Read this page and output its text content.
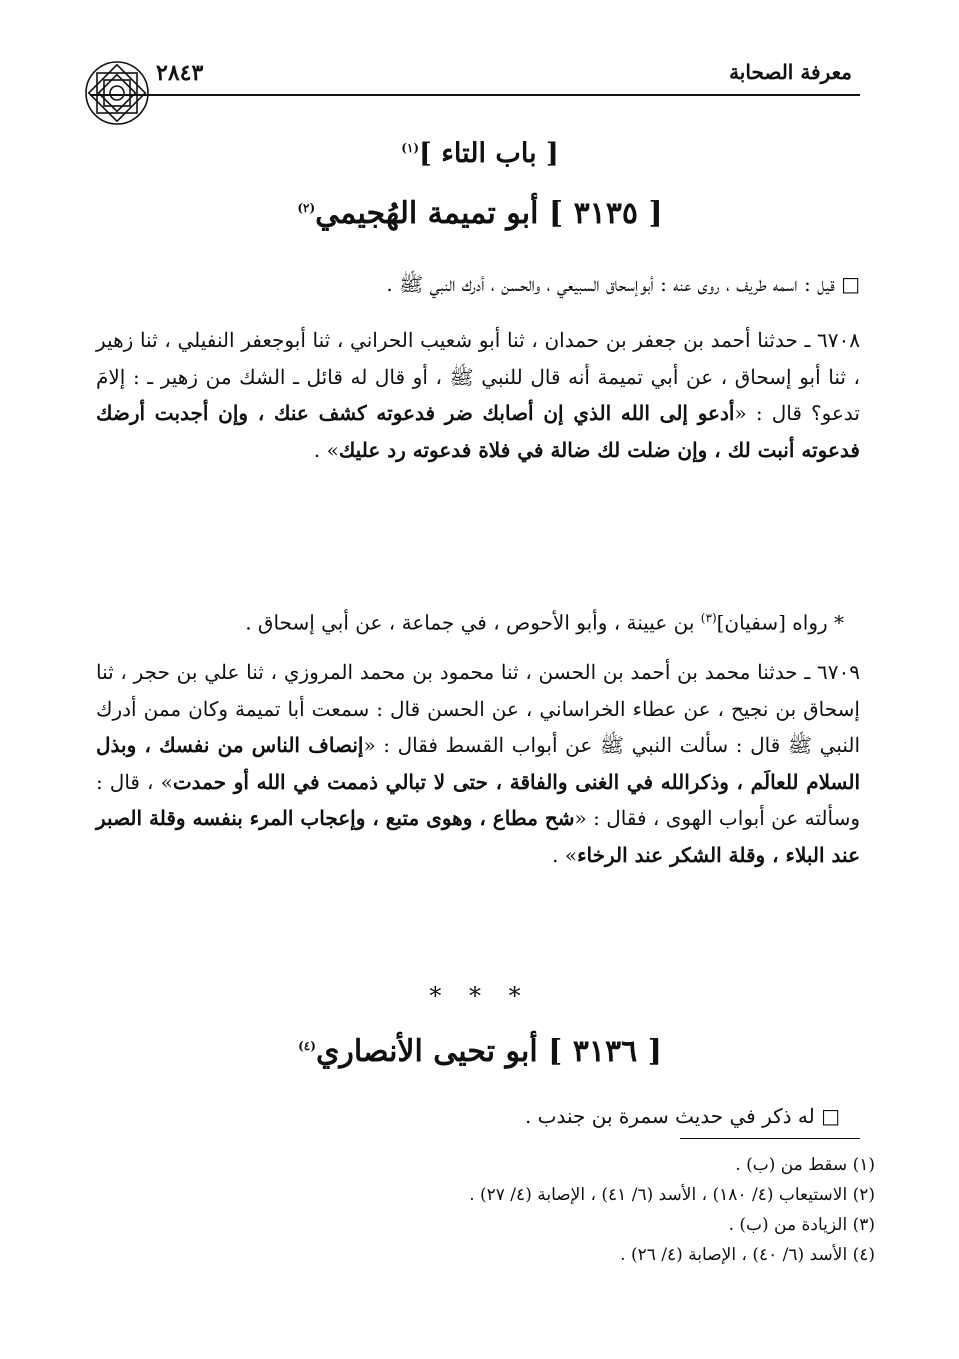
معرفة الصحابة
٢٨٤٣
[ باب التاء ]$^{(١)}$
[ ٣١٣٥ ] أبو تميمة الهُجيمي$^{(٢)}$
□ قيل : اسمه طريف ، روى عنه : أبوإسحاق السبيعي ، والحسن ، أدرك النبي ﷺ .
٦٧٠٨ ـ حدثنا أحمد بن جعفر بن حمدان ، ثنا أبو شعيب الحراني ، ثنا أبوجعفر النفيلي ، ثنا زهير ، ثنا أبو إسحاق ، عن أبي تميمة أنه قال للنبي ﷺ ، أو قال له قائل ـ الشك من زهير ـ : إلامَ تدعو؟ قال : «أدعو إلى الله الذي إن أصابك ضر فدعوته كشف عنك ، وإن أجدبت أرضك فدعوته أنبت لك ، وإن ضلت لك ضالة في فلاة فدعوته رد عليك» .
* رواه [سفيان]$^{(٣)}$ بن عيينة ، وأبو الأحوص ، في جماعة ، عن أبي إسحاق .
٦٧٠٩ ـ حدثنا محمد بن أحمد بن الحسن ، ثنا محمود بن محمد المروزي ، ثنا علي بن حجر ، ثنا إسحاق بن نجيح ، عن عطاء الخراساني ، عن الحسن قال : سمعت أبا تميمة وكان ممن أدرك النبي ﷺ قال : سألت النبي ﷺ عن أبواب القسط فقال : «إنصاف الناس من نفسك ، وبذل السلام للعالَم ، وذكرالله في الغنى والفاقة ، حتى لا تبالي ذممت في الله أو حمدت» ، قال : وسألته عن أبواب الهوى ، فقال : «شح مطاع ، وهوى متبع ، وإعجاب المرء بنفسه وقلة الصبر عند البلاء ، وقلة الشكر عند الرخاء» .
* * *
[ ٣١٣٦ ] أبو تحيى الأنصاري$^{(٤)}$
□ له ذكر في حديث سمرة بن جندب .
(١) سقط من (ب) .
(٢) الاستيعاب (٤/ ١٨٠) ، الأسد (٦/ ٤١) ، الإصابة (٤/ ٢٧) .
(٣) الزيادة من (ب) .
(٤) الأسد (٦/ ٤٠) ، الإصابة (٤/ ٢٦) .
